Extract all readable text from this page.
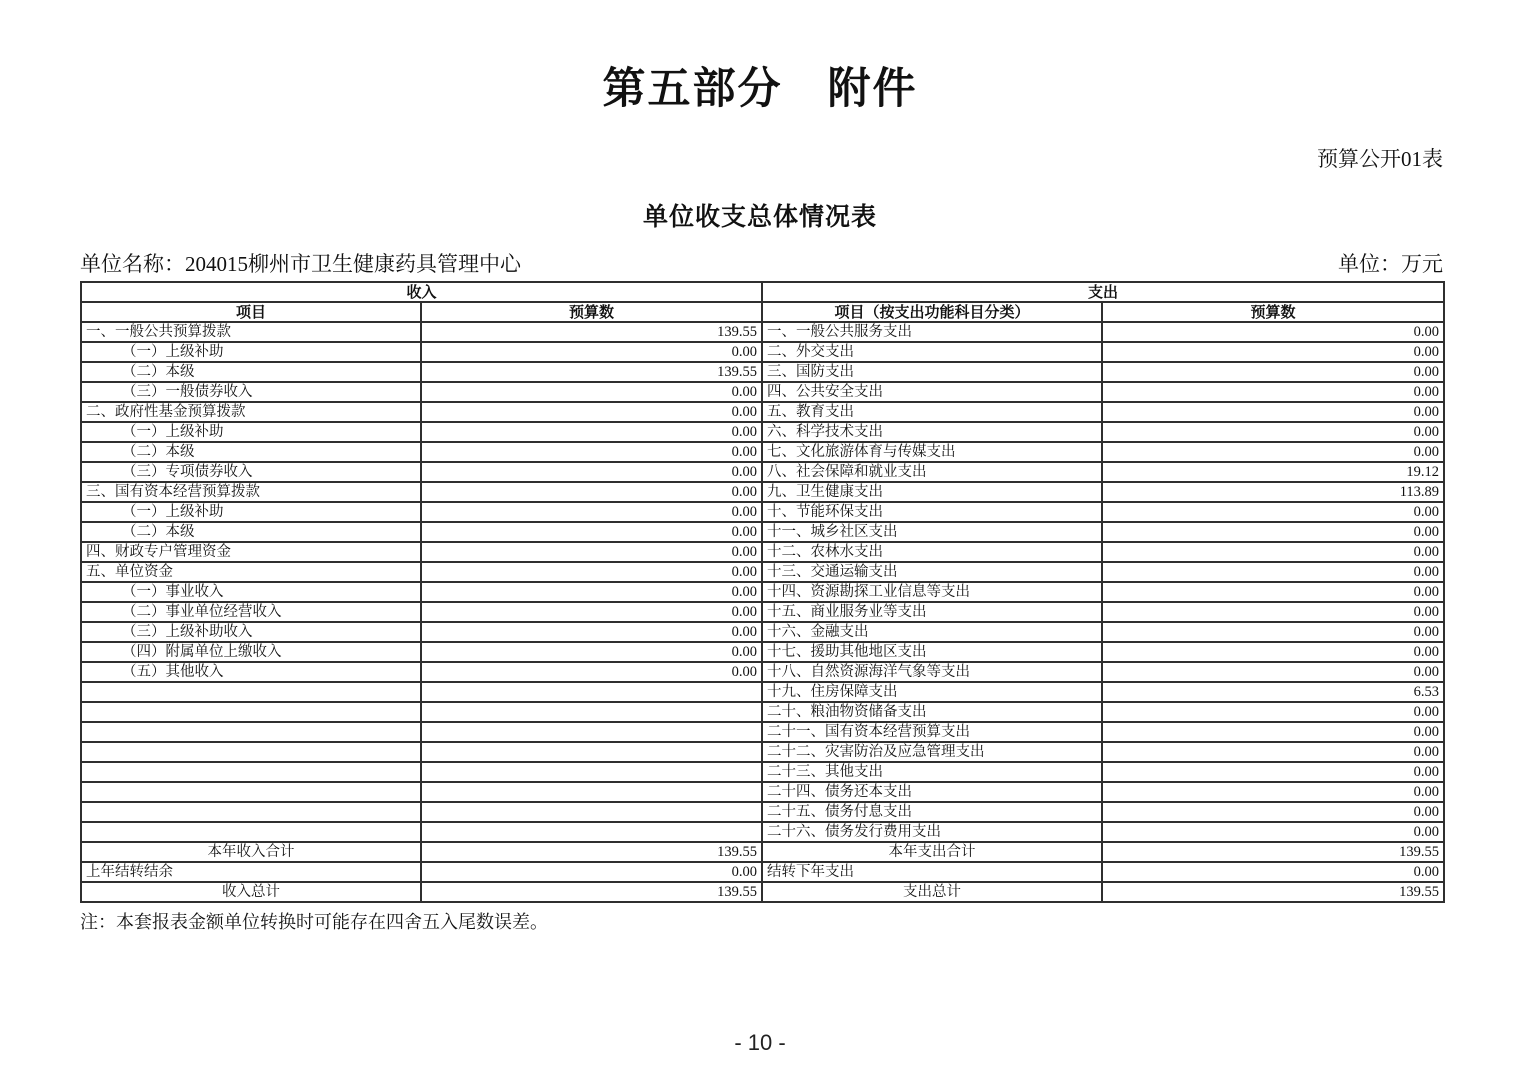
第五部分　附件
预算公开01表
单位收支总体情况表
单位名称：204015柳州市卫生健康药具管理中心	单位：万元
收入		支出	
项目	预算数	项目（按支出功能科目分类）	预算数
一、一般公共预算拨款	139.55	一、一般公共服务支出	0.00
（一）上级补助	0.00	二、外交支出	0.00
（二）本级	139.55	三、国防支出	0.00
（三）一般债券收入	0.00	四、公共安全支出	0.00
二、政府性基金预算拨款	0.00	五、教育支出	0.00
（一）上级补助	0.00	六、科学技术支出	0.00
（二）本级	0.00	七、文化旅游体育与传媒支出	0.00
（三）专项债券收入	0.00	八、社会保障和就业支出	19.12
三、国有资本经营预算拨款	0.00	九、卫生健康支出	113.89
（一）上级补助	0.00	十、节能环保支出	0.00
（二）本级	0.00	十一、城乡社区支出	0.00
四、财政专户管理资金	0.00	十二、农林水支出	0.00
五、单位资金	0.00	十三、交通运输支出	0.00
（一）事业收入	0.00	十四、资源勘探工业信息等支出	0.00
（二）事业单位经营收入	0.00	十五、商业服务业等支出	0.00
（三）上级补助收入	0.00	十六、金融支出	0.00
（四）附属单位上缴收入	0.00	十七、援助其他地区支出	0.00
（五）其他收入	0.00	十八、自然资源海洋气象等支出	0.00
		十九、住房保障支出	6.53
		二十、粮油物资储备支出	0.00
		二十一、国有资本经营预算支出	0.00
		二十二、灾害防治及应急管理支出	0.00
		二十三、其他支出	0.00
		二十四、债务还本支出	0.00
		二十五、债务付息支出	0.00
		二十六、债务发行费用支出	0.00
本年收入合计	139.55	本年支出合计	139.55
上年结转结余	0.00	结转下年支出	0.00
收入总计	139.55	支出总计	139.55
注：本套报表金额单位转换时可能存在四舍五入尾数误差。
- 10 -
